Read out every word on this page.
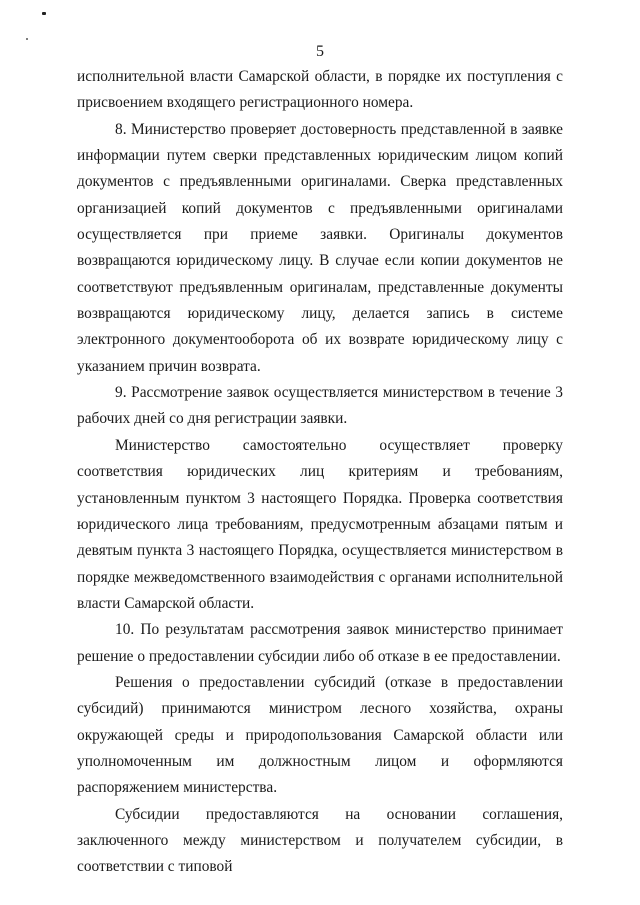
5

исполнительной власти Самарской области, в порядке их поступления с присвоением входящего регистрационного номера.

8. Министерство проверяет достоверность представленной в заявке информации путем сверки представленных юридическим лицом копий документов с предъявленными оригиналами. Сверка представленных организацией копий документов с предъявленными оригиналами осуществляется при приеме заявки. Оригиналы документов возвращаются юридическому лицу. В случае если копии документов не соответствуют предъявленным оригиналам, представленные документы возвращаются юридическому лицу, делается запись в системе электронного документооборота об их возврате юридическому лицу с указанием причин возврата.

9. Рассмотрение заявок осуществляется министерством в течение 3 рабочих дней со дня регистрации заявки.

Министерство самостоятельно осуществляет проверку соответствия юридических лиц критериям и требованиям, установленным пунктом 3 настоящего Порядка. Проверка соответствия юридического лица требованиям, предусмотренным абзацами пятым и девятым пункта 3 настоящего Порядка, осуществляется министерством в порядке межведомственного взаимодействия с органами исполнительной власти Самарской области.

10. По результатам рассмотрения заявок министерство принимает решение о предоставлении субсидии либо об отказе в ее предоставлении.

Решения о предоставлении субсидий (отказе в предоставлении субсидий) принимаются министром лесного хозяйства, охраны окружающей среды и природопользования Самарской области или уполномоченным им должностным лицом и оформляются распоряжением министерства.

Субсидии предоставляются на основании соглашения, заключенного между министерством и получателем субсидии, в соответствии с типовой
